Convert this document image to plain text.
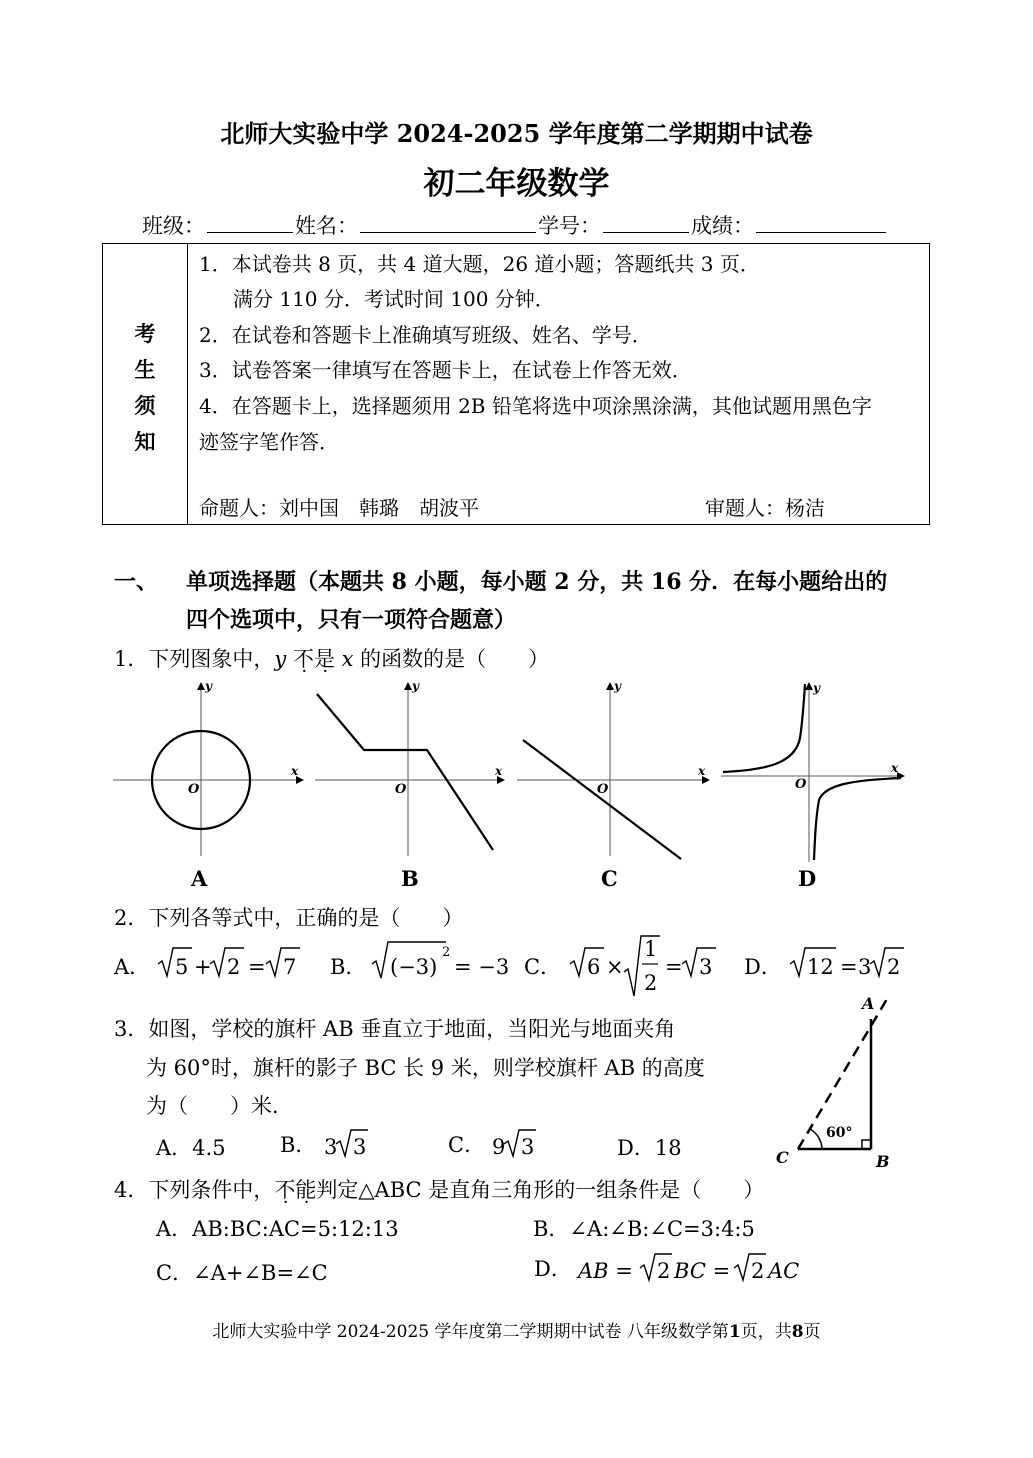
北师大实验中学 2024-2025 学年度第二学期期中试卷
初二年级数学
班级：	姓名：	学号：	成绩：
考
生
须
知
1．本试卷共 8 页，共 4 道大题，26 道小题；答题纸共 3 页．
满分 110 分．考试时间 100 分钟．
2．在试卷和答题卡上准确填写班级、姓名、学号．
3．试卷答案一律填写在答题卡上，在试卷上作答无效．
4．在答题卡上，选择题须用 2B 铅笔将选中项涂黑涂满，其他试题用黑色字
迹签字笔作答．
命题人：刘中国　韩璐　胡波平	审题人：杨洁
一、 单项选择题（本题共 8 小题，每小题 2 分，共 16 分．在每小题给出的
四个选项中，只有一项符合题意）
1．下列图象中，y 不是 x 的函数的是（　　）
x
y
O
A
x
y
O
B
x
y
O
C
x
y
O
D
2．下列各等式中，正确的是（　　）
A． 5 + 2 = 7 B． (−3)
2
= −3 C． 6 ×
1
2
= 3 D． 12 = 3 2
3．如图，学校的旗杆 AB 垂直立于地面，当阳光与地面夹角
为 60°时，旗杆的影子 BC 长 9 米，则学校旗杆 AB 的高度
为（　　）米．
A．4.5	B． 3 3	C． 9 3	D．18
60°
A
B
C
4．下列条件中，不能判定△ABC 是直角三角形的一组条件是（　　）
A．AB:BC:AC=5:12:13	B．∠A:∠B:∠C=3:4:5
C．∠A+∠B=∠C	D． AB = 2 BC = 2 AC
北师大实验中学 2024-2025 学年度第二学期期中试卷 八年级数学第1页，共8页
